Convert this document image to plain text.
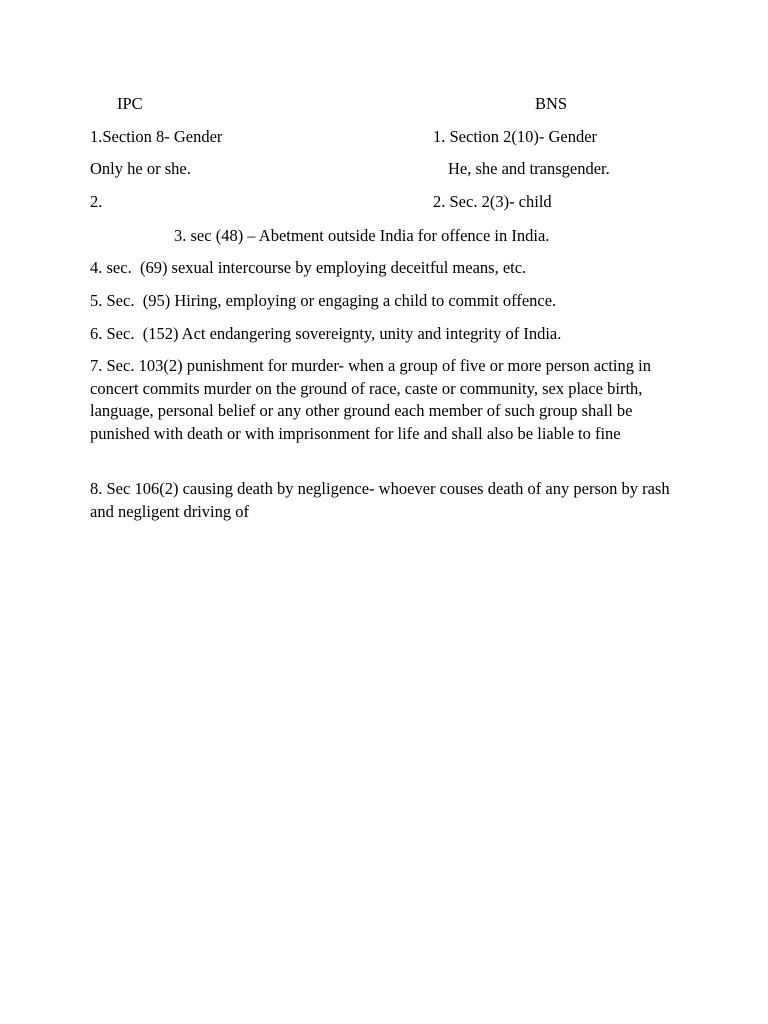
IPC	BNS
1.Section 8- Gender	1. Section 2(10)- Gender
Only he or she.	He, she and transgender.
2.	2. Sec. 2(3)- child
3. sec (48) – Abetment outside India for offence in India.
4. sec.  (69) sexual intercourse by employing deceitful means, etc.
5. Sec.  (95) Hiring, employing or engaging a child to commit offence.
6. Sec.  (152) Act endangering sovereignty, unity and integrity of India.
7. Sec. 103(2) punishment for murder- when a group of five or more person acting in concert commits murder on the ground of race, caste or community, sex place birth, language, personal belief or any other ground each member of such group shall be punished with death or with imprisonment for life and shall also be liable to fine
8. Sec 106(2) causing death by negligence- whoever couses death of any person by rash and negligent driving of
